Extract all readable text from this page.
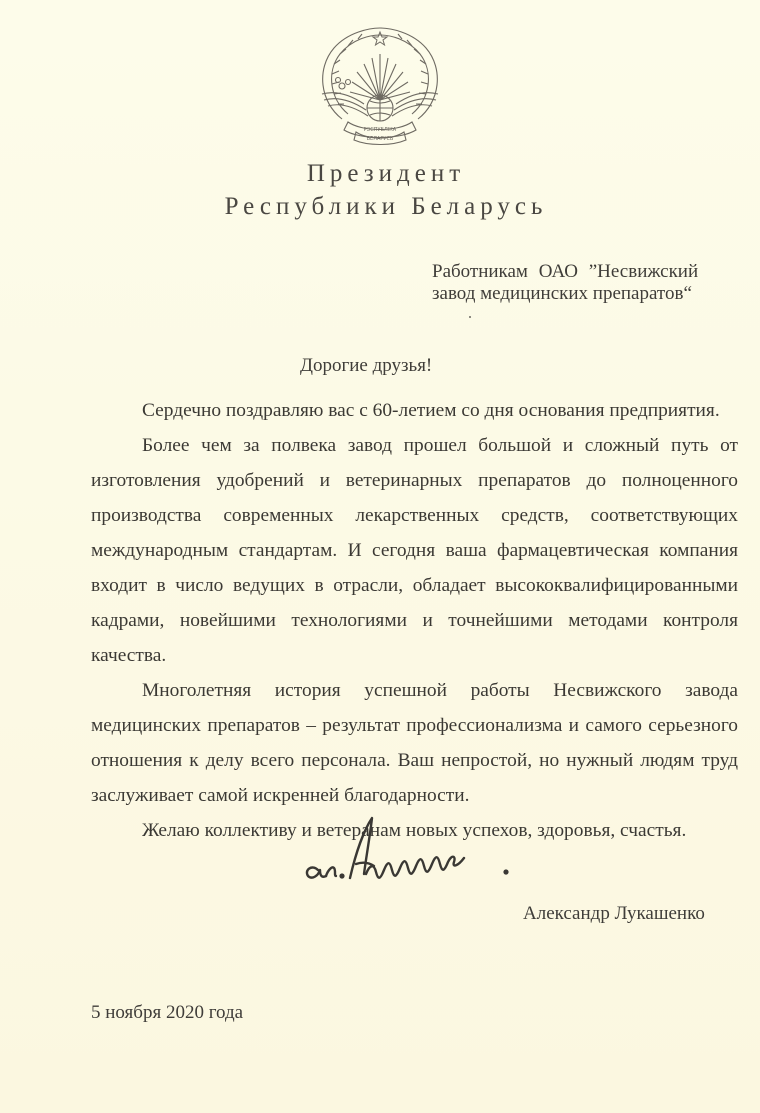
РЭСПУБЛІКА
БЕЛАРУСЬ
Президент
Республики Беларусь
Работникам ОАО ”Несвижский
завод медицинских препаратов“
Дорогие друзья!

Сердечно поздравляю вас с 60-летием со дня основания предприятия.

Более чем за полвека завод прошел большой и сложный путь от изготовления удобрений и ветеринарных препаратов до полноценного производства современных лекарственных средств, соответствующих международным стандартам. И сегодня ваша фармацевтическая компания входит в число ведущих в отрасли, обладает высококвалифицированными кадрами, новейшими технологиями и точнейшими методами контроля качества.

Многолетняя история успешной работы Несвижского завода медицинских препаратов – результат профессионализма и самого серьезного отношения к делу всего персонала. Ваш непростой, но нужный людям труд заслуживает самой искренней благодарности.

Желаю коллективу и ветеранам новых успехов, здоровья, счастья.

Александр Лукашенко
5 ноября 2020 года
